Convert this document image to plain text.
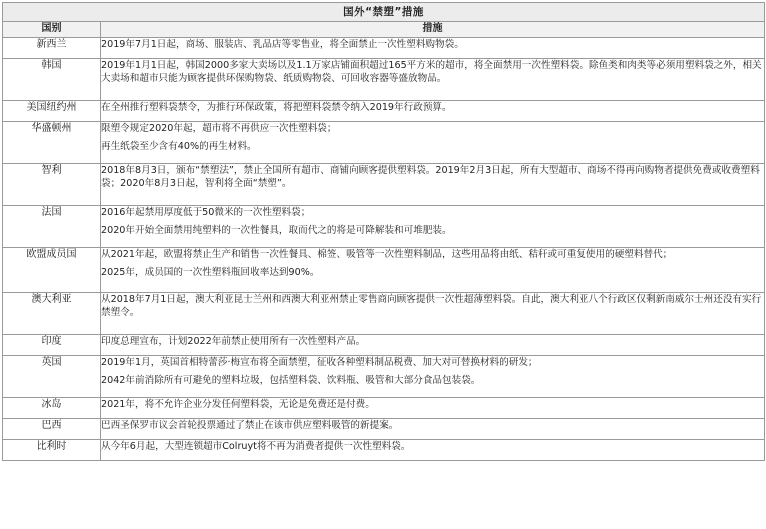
国外“禁塑”措施	
国别	措施
新西兰	2019年7月1日起，商场、服装店、乳品店等零售业，将全面禁止一次性塑料购物袋。

韩国	2019年1月1日起，韩国2000多家大卖场以及1.1万家店铺面积超过165平方米的超市，将全面禁用一次性塑料袋。除鱼类和肉类等必须用塑料袋之外，相关大卖场和超市只能为顾客提供环保购物袋、纸质购物袋、可回收容器等盛放物品。

美国纽约州	在全州推行塑料袋禁令，为推行环保政策，将把塑料袋禁令纳入2019年行政预算。

华盛顿州	限塑令规定2020年起，超市将不再供应一次性塑料袋；

再生纸袋至少含有40%的再生材料。

智利	2018年8月3日，颁布“禁塑法”，禁止全国所有超市、商铺向顾客提供塑料袋。2019年2月3日起，所有大型超市、商场不得再向购物者提供免费或收费塑料袋；2020年8月3日起，智利将全面“禁塑”。

法国	2016年起禁用厚度低于50微米的一次性塑料袋；

2020年开始全面禁用纯塑料的一次性餐具，取而代之的将是可降解装和可堆肥装。

欧盟成员国	从2021年起，欧盟将禁止生产和销售一次性餐具、棉签、吸管等一次性塑料制品，这些用品将由纸、秸秆或可重复使用的硬塑料替代；

2025年，成员国的一次性塑料瓶回收率达到90%。

澳大利亚	从2018年7月1日起，澳大利亚昆士兰州和西澳大利亚州禁止零售商向顾客提供一次性超薄塑料袋。自此，澳大利亚八个行政区仅剩新南威尔士州还没有实行禁塑令。

印度	印度总理宣布，计划2022年前禁止使用所有一次性塑料产品。

英国	2019年1月，英国首相特蕾莎·梅宣布将全面禁塑，征收各种塑料制品税费、加大对可替换材料的研发；

2042年前消除所有可避免的塑料垃圾，包括塑料袋、饮料瓶、吸管和大部分食品包装袋。

冰岛	2021年，将不允许企业分发任何塑料袋，无论是免费还是付费。

巴西	巴西圣保罗市议会首轮投票通过了禁止在该市供应塑料吸管的新提案。

比利时	从今年6月起，大型连锁超市Colruyt将不再为消费者提供一次性塑料袋。
